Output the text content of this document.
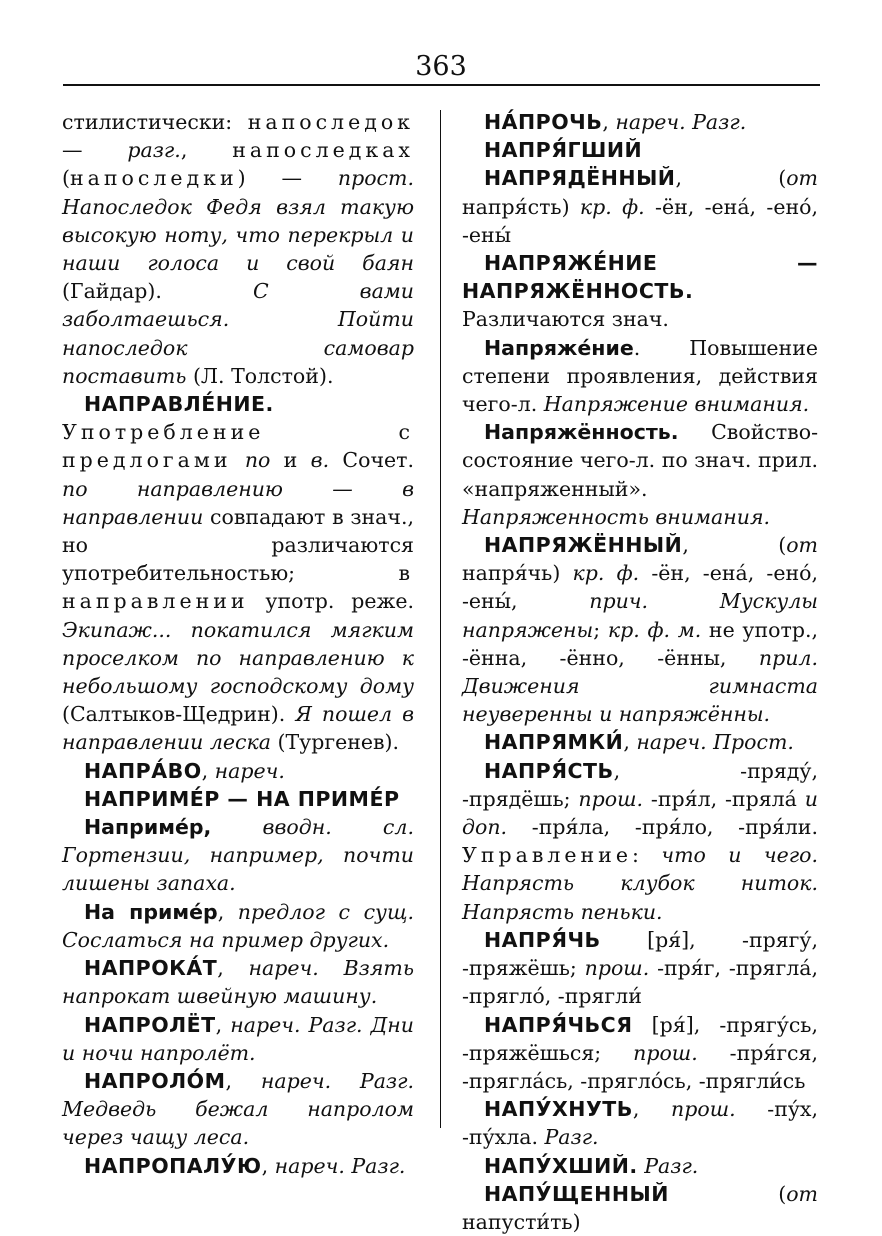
363

стилистически: напоследок — разг., напоследках (напоследки) — прост. Напоследок Федя взял такую высокую ноту, что перекрыл и наши голоса и свой баян (Гайдар). С вами заболтаешься. Пойти напоследок самовар поставить (Л. Толстой).

НАПРАВЛЕ́НИЕ. Употребление с предлогами по и в. Сочет. по направлению — в направлении совпадают в знач., но различаются употребительностью; в направлении употр. реже. Экипаж... покатился мягким проселком по направлению к небольшому господскому дому (Салтыков-Щедрин). Я пошел в направлении леска (Тургенев).

НАПРА́ВО, нареч.

НАПРИМЕ́Р — НА ПРИМЕ́Р

Наприме́р, вводн. сл. Гортензии, например, почти лишены запаха.

На приме́р, предлог с сущ. Сослаться на пример других.

НАПРОКА́Т, нареч. Взять напрокат швейную машину.

НАПРОЛЁТ, нареч. Разг. Дни и ночи напролёт.

НАПРОЛО́М, нареч. Разг. Медведь бежал напролом через чащу леса.

НАПРОПАЛУ́Ю, нареч. Разг.

НА́ПРОЧЬ, нареч. Разг.

НАПРЯ́ГШИЙ

НАПРЯДЁННЫЙ, (от напря́сть) кр. ф. -ён, -ена́, -ено́, -ены́

НАПРЯЖЕ́НИЕ — НАПРЯЖЁННОСТЬ. Различаются знач.

Напряже́ние. Повышение степени проявления, действия чего-л. Напряжение внимания.

Напряжённость. Свойство-состояние чего-л. по знач. прил. «напряженный». Напряженность внимания.

НАПРЯЖЁННЫЙ, (от напря́чь) кр. ф. -ён, -ена́, -ено́, -ены́, прич. Мускулы напряжены; кр. ф. м. не употр., -ённа, -ённо, -ённы, прил. Движения гимнаста неуверенны и напряжённы.

НАПРЯМКИ́, нареч. Прост.

НАПРЯ́СТЬ, -пряду́, -прядёшь; прош. -пря́л, -пряла́ и доп. -пря́ла, -пря́ло, -пря́ли. Управление: что и чего. Напрясть клубок ниток. Напрясть пеньки.

НАПРЯ́ЧЬ [ря́], -прягу́, -пряжёшь; прош. -пря́г, -прягла́, -прягло́, -прягли́

НАПРЯ́ЧЬСЯ [ря́], -прягу́сь, -пряжёшься; прош. -пря́гся, -прягла́сь, -прягло́сь, -прягли́сь

НАПУ́ХНУТЬ, прош. -пу́х, -пу́хла. Разг.

НАПУ́ХШИЙ. Разг.

НАПУ́ЩЕННЫЙ (от напусти́ть)
